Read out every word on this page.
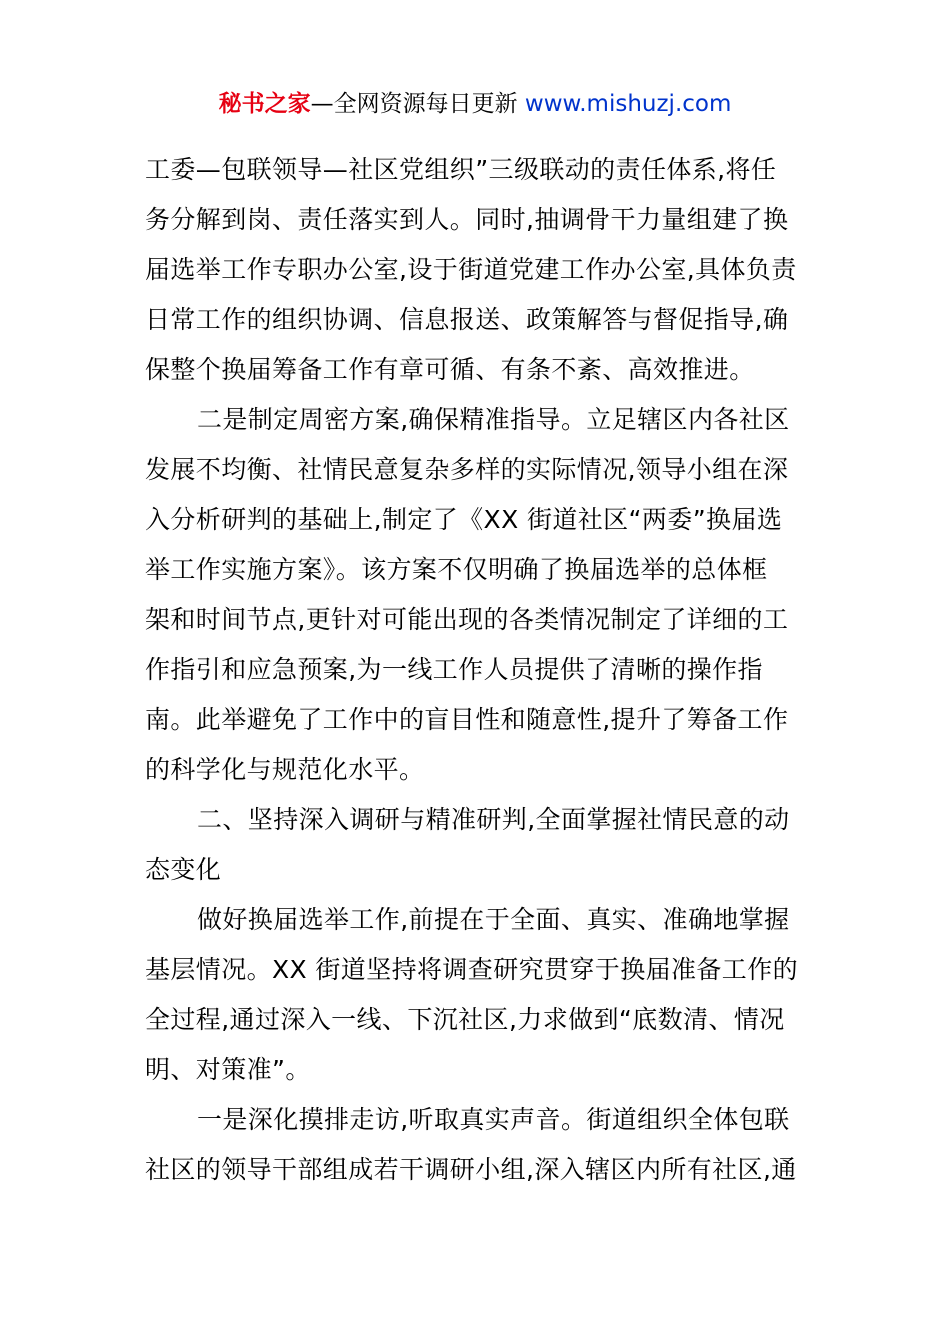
秘书之家—全网资源每日更新 www.mishuzj.com
工委—包联领导—社区党组织”三级联动的责任体系,将任
务分解到岗、责任落实到人。同时,抽调骨干力量组建了换
届选举工作专职办公室,设于街道党建工作办公室,具体负责
日常工作的组织协调、信息报送、政策解答与督促指导,确
保整个换届筹备工作有章可循、有条不紊、高效推进。
二是制定周密方案,确保精准指导。立足辖区内各社区
发展不均衡、社情民意复杂多样的实际情况,领导小组在深
入分析研判的基础上,制定了《XX 街道社区“两委”换届选
举工作实施方案》。该方案不仅明确了换届选举的总体框
架和时间节点,更针对可能出现的各类情况制定了详细的工
作指引和应急预案,为一线工作人员提供了清晰的操作指
南。此举避免了工作中的盲目性和随意性,提升了筹备工作
的科学化与规范化水平。
二、坚持深入调研与精准研判,全面掌握社情民意的动
态变化
做好换届选举工作,前提在于全面、真实、准确地掌握
基层情况。XX 街道坚持将调查研究贯穿于换届准备工作的
全过程,通过深入一线、下沉社区,力求做到“底数清、情况
明、对策准”。
一是深化摸排走访,听取真实声音。街道组织全体包联
社区的领导干部组成若干调研小组,深入辖区内所有社区,通
